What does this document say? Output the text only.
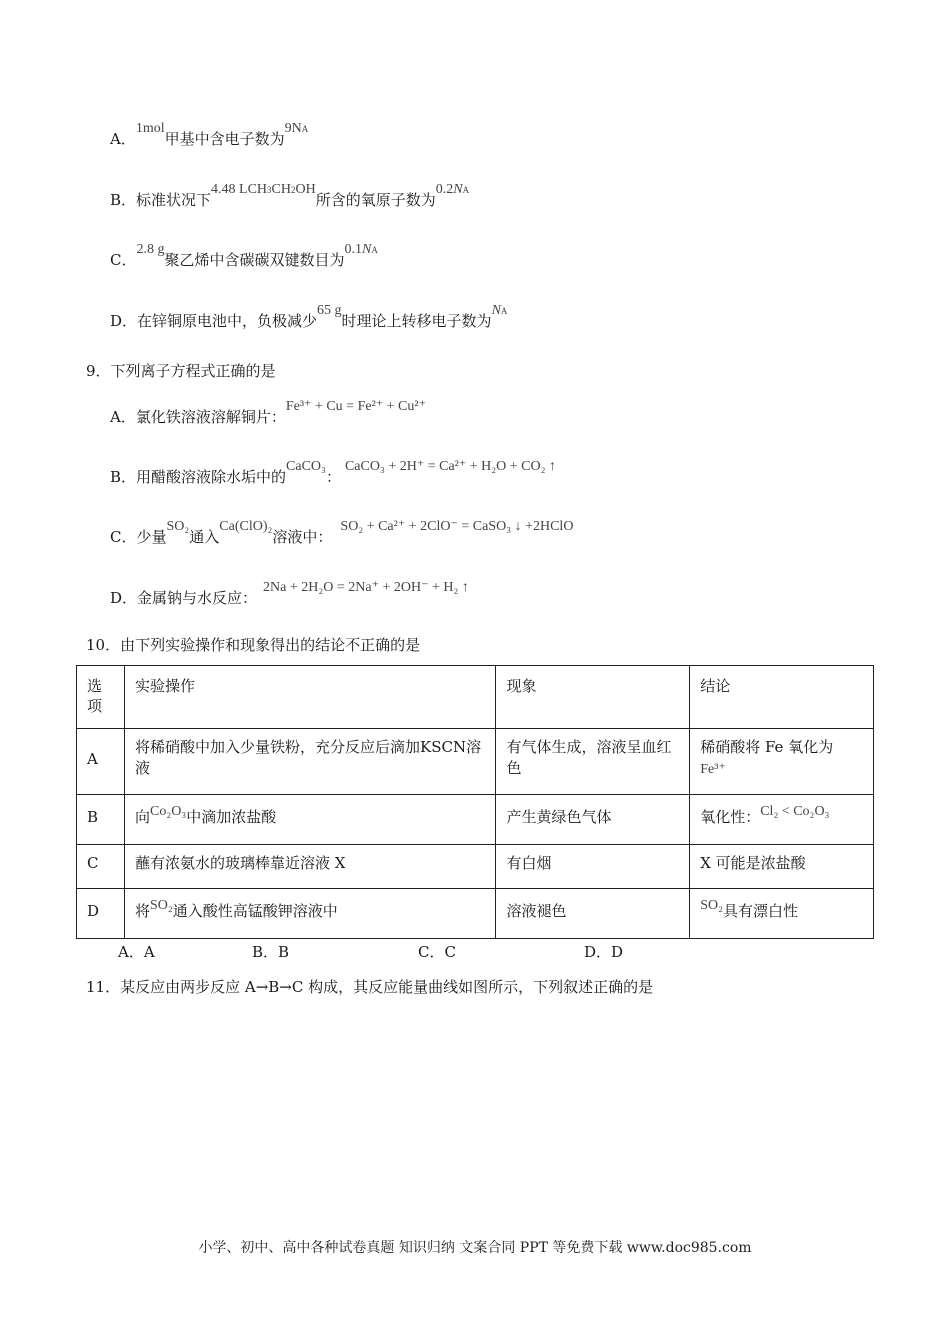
A．1mol甲基中含电子数为9NA
B．标准状况下4.48 LCH3CH2OH所含的氧原子数为0.2NA
C．2.8 g聚乙烯中含碳碳双键数目为0.1NA
D．在锌铜原电池中，负极减少65 g时理论上转移电子数为NA
9．下列离子方程式正确的是
A．氯化铁溶液溶解铜片：Fe³⁺ + Cu = Fe²⁺ + Cu²⁺
B．用醋酸溶液除水垢中的CaCO₃：CaCO₃ + 2H⁺ = Ca²⁺ + H₂O + CO₂ ↑
C．少量SO₂通入Ca(ClO)₂溶液中：SO₂ + Ca²⁺ + 2ClO⁻ = CaSO₃ ↓ +2HClO
D．金属钠与水反应：2Na + 2H₂O = 2Na⁺ + 2OH⁻ + H₂ ↑
10．由下列实验操作和现象得出的结论不正确的是
选项	实验操作	现象	结论
A	将稀硝酸中加入少量铁粉，充分反应后滴加KSCN溶液	有气体生成，溶液呈血红色	稀硝酸将 Fe 氧化为
Fe³⁺
B	向Co₂O₃中滴加浓盐酸	产生黄绿色气体	氧化性：Cl₂ < Co₂O₃
C	蘸有浓氨水的玻璃棒靠近溶液 X	有白烟	X 可能是浓盐酸
D	将SO₂通入酸性高锰酸钾溶液中	溶液褪色	SO₂具有漂白性
A．A	B．B	C．C	D．D
11．某反应由两步反应 A→B→C 构成，其反应能量曲线如图所示，下列叙述正确的是
小学、初中、高中各种试卷真题 知识归纳 文案合同 PPT 等免费下载 www.doc985.com
